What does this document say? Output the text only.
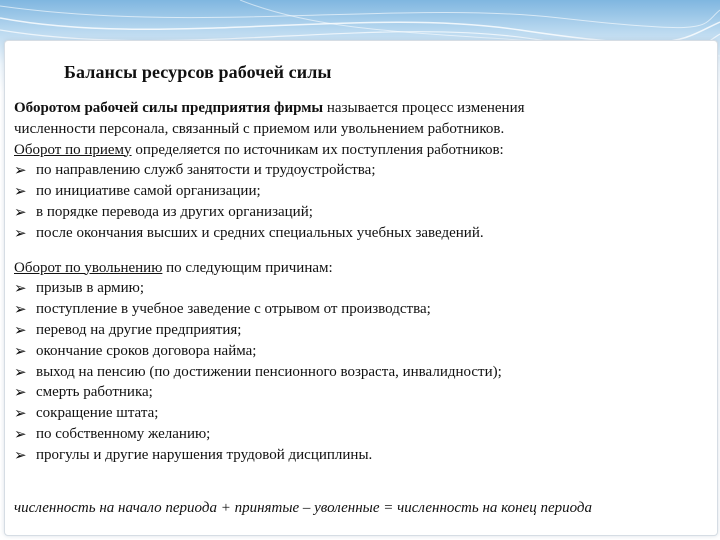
Балансы ресурсов рабочей силы
Оборотом рабочей силы предприятия фирмы называется процесс изменения
численности персонала, связанный с приемом или увольнением работников.
Оборот по приему определяется по источникам их поступления работников:
➢ по направлению служб занятости и трудоустройства;
➢ по инициативе самой организации;
➢ в порядке перевода из других организаций;
➢ после окончания высших и средних специальных учебных заведений.
Оборот по увольнению по следующим причинам:
➢ призыв в армию;
➢ поступление в учебное заведение с отрывом от производства;
➢ перевод на другие предприятия;
➢ окончание сроков договора найма;
➢ выход на пенсию (по достижении пенсионного возраста, инвалидности);
➢ смерть работника;
➢ сокращение штата;
➢ по собственному желанию;
➢ прогулы и другие нарушения трудовой дисциплины.
численность на начало периода + принятые – уволенные = численность на конец периода
